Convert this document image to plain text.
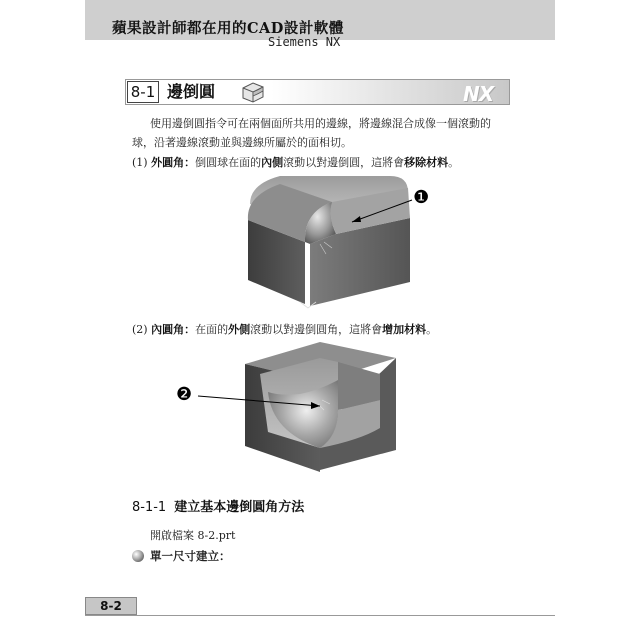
蘋果設計師都在用的CAD設計軟體
Siemens NX
8-1 邊倒圓	NX
使用邊倒圓指令可在兩個面所共用的邊線，將邊線混合成像一個滾動的
球，沿著邊線滾動並與邊線所屬於的面相切。
(1) 外圓角：倒圓球在面的內側滾動以對邊倒圓，這將會移除材料。
❶
(2) 內圓角：在面的外側滾動以對邊倒圓角，這將會增加材料。
❷
8-1-1 建立基本邊倒圓角方法
開啟檔案 8-2.prt
單一尺寸建立：
8-2
